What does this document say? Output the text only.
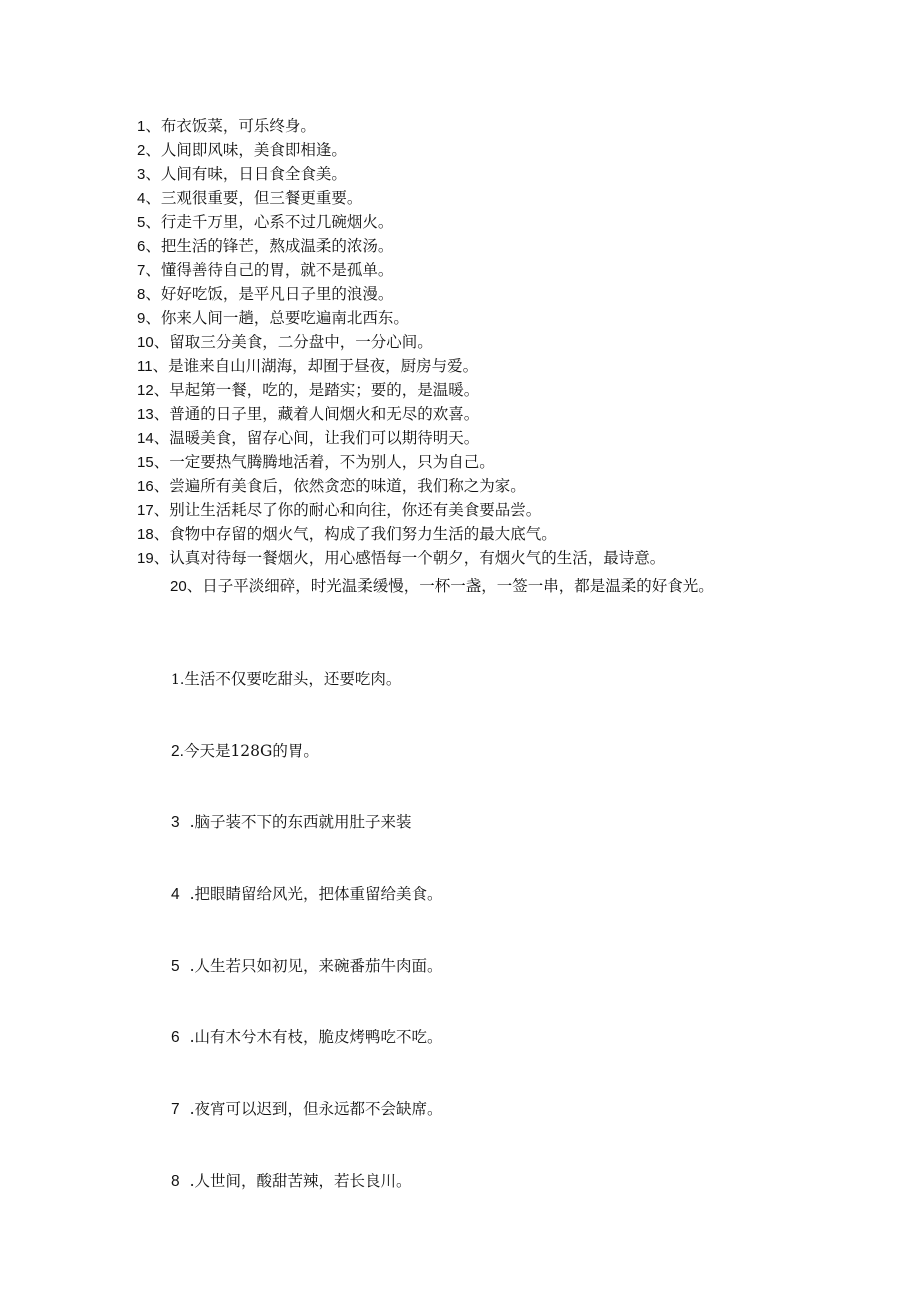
1、布衣饭菜，可乐终身。
2、人间即风味，美食即相逢。
3、人间有味，日日食全食美。
4、三观很重要，但三餐更重要。
5、行走千万里，心系不过几碗烟火。
6、把生活的锋芒，熬成温柔的浓汤。
7、懂得善待自己的胃，就不是孤单。
8、好好吃饭，是平凡日子里的浪漫。
9、你来人间一趟，总要吃遍南北西东。
10、留取三分美食，二分盘中，一分心间。
11、是谁来自山川湖海，却囿于昼夜，厨房与爱。
12、早起第一餐，吃的，是踏实；要的，是温暖。
13、普通的日子里，藏着人间烟火和无尽的欢喜。
14、温暖美食，留存心间，让我们可以期待明天。
15、一定要热气腾腾地活着，不为别人，只为自己。
16、尝遍所有美食后，依然贪恋的味道，我们称之为家。
17、别让生活耗尽了你的耐心和向往，你还有美食要品尝。
18、食物中存留的烟火气，构成了我们努力生活的最大底气。
19、认真对待每一餐烟火，用心感悟每一个朝夕，有烟火气的生活，最诗意。
20、日子平淡细碎，时光温柔缓慢，一杯一盏，一签一串，都是温柔的好食光。
1.生活不仅要吃甜头，还要吃肉。
2.今天是128G的胃。
3 .脑子装不下的东西就用肚子来装
4 .把眼睛留给风光，把体重留给美食。
5 .人生若只如初见，来碗番茄牛肉面。
6 .山有木兮木有枝，脆皮烤鸭吃不吃。
7 .夜宵可以迟到，但永远都不会缺席。
8 .人世间，酸甜苦辣，若长良川。
